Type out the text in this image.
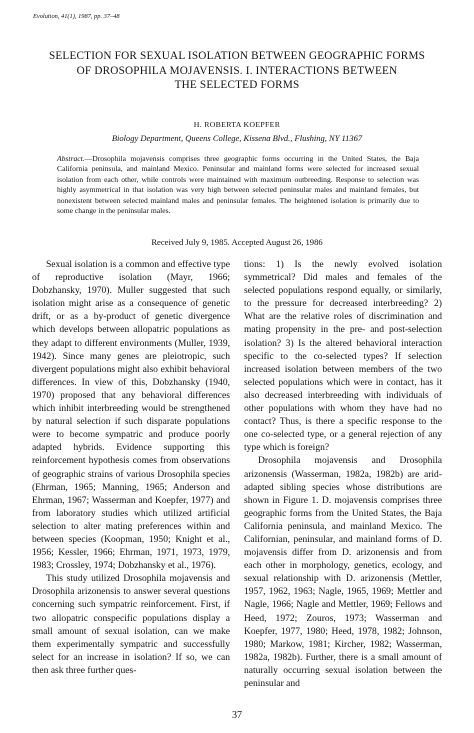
Evolution, 41(1), 1987, pp. 37–48
SELECTION FOR SEXUAL ISOLATION BETWEEN GEOGRAPHIC FORMS
OF DROSOPHILA MOJAVENSIS. I. INTERACTIONS BETWEEN
THE SELECTED FORMS
H. ROBERTA KOEPFER
Biology Department, Queens College, Kissena Blvd., Flushing, NY 11367
Abstract.—Drosophila mojavensis comprises three geographic forms occurring in the United States, the Baja California peninsula, and mainland Mexico. Peninsular and mainland forms were selected for increased sexual isolation from each other, while controls were maintained with maximum outbreeding. Response to selection was highly asymmetrical in that isolation was very high between selected peninsular males and mainland females, but nonexistent between selected mainland males and peninsular females. The heightened isolation is primarily due to some change in the peninsular males.
Received July 9, 1985. Accepted August 26, 1986

Sexual isolation is a common and effective type of reproductive isolation (Mayr, 1966; Dobzhansky, 1970). Muller suggested that such isolation might arise as a consequence of genetic drift, or as a by-product of genetic divergence which develops between allopatric populations as they adapt to different environments (Muller, 1939, 1942). Since many genes are pleiotropic, such divergent populations might also exhibit behavioral differences. In view of this, Dobzhansky (1940, 1970) proposed that any behavioral differences which inhibit interbreeding would be strengthened by natural selection if such disparate populations were to become sympatric and produce poorly adapted hybrids. Evidence supporting this reinforcement hypothesis comes from observations of geographic strains of various Drosophila species (Ehrman, 1965; Manning, 1965; Anderson and Ehrman, 1967; Wasserman and Koepfer, 1977) and from laboratory studies which utilized artificial selection to alter mating preferences within and between species (Koopman, 1950; Knight et al., 1956; Kessler, 1966; Ehrman, 1971, 1973, 1979, 1983; Crossley, 1974; Dobzhansky et al., 1976).

This study utilized Drosophila mojavensis and Drosophila arizonensis to answer several questions concerning such sympatric reinforcement. First, if two allopatric conspecific populations display a small amount of sexual isolation, can we make them experimentally sympatric and successfully select for an increase in isolation? If so, we can then ask three further ques-

tions: 1) Is the newly evolved isolation symmetrical? Did males and females of the selected populations respond equally, or similarly, to the pressure for decreased interbreeding? 2) What are the relative roles of discrimination and mating propensity in the pre- and post-selection isolation? 3) Is the altered behavioral interaction specific to the co-selected types? If selection increased isolation between members of the two selected populations which were in contact, has it also decreased interbreeding with individuals of other populations with whom they have had no contact? Thus, is there a specific response to the one co-selected type, or a general rejection of any type which is foreign?

Drosophila mojavensis and Drosophila arizonensis (Wasserman, 1982a, 1982b) are arid-adapted sibling species whose distributions are shown in Figure 1. D. mojavensis comprises three geographic forms from the United States, the Baja California peninsula, and mainland Mexico. The Californian, peninsular, and mainland forms of D. mojavensis differ from D. arizonensis and from each other in morphology, genetics, ecology, and sexual relationship with D. arizonensis (Mettler, 1957, 1962, 1963; Nagle, 1965, 1969; Mettler and Nagle, 1966; Nagle and Mettler, 1969; Fellows and Heed, 1972; Zouros, 1973; Wasserman and Koepfer, 1977, 1980; Heed, 1978, 1982; Johnson, 1980; Markow, 1981; Kircher, 1982; Wasserman, 1982a, 1982b). Further, there is a small amount of naturally occurring sexual isolation between the peninsular and

37
